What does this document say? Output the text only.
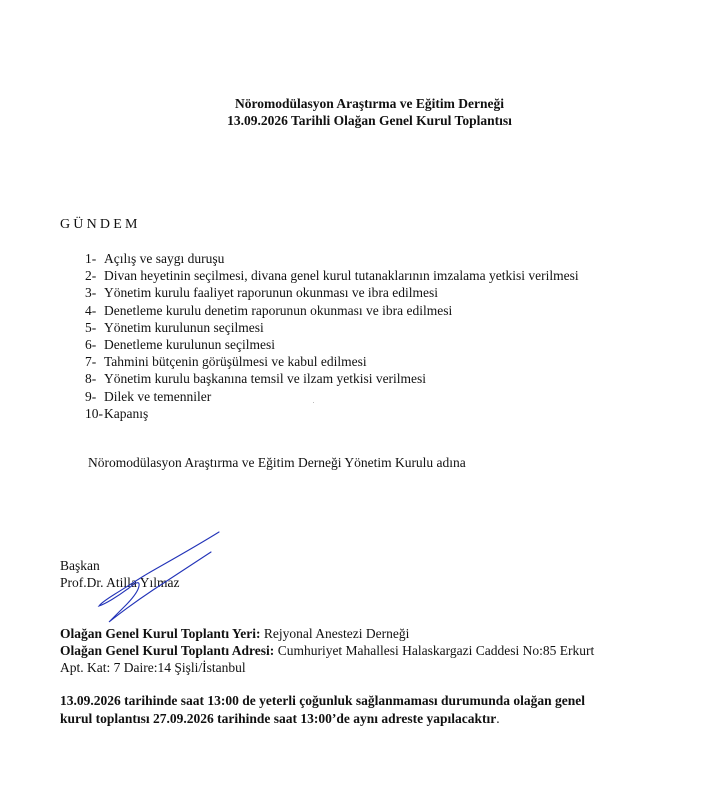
Nöromodülasyon Araştırma ve Eğitim Derneği
13.09.2026 Tarihli Olağan Genel Kurul Toplantısı
GÜNDEM
1- Açılış ve saygı duruşu
2- Divan heyetinin seçilmesi, divana genel kurul tutanaklarının imzalama yetkisi verilmesi
3- Yönetim kurulu faaliyet raporunun okunması ve ibra edilmesi
4- Denetleme kurulu denetim raporunun okunması ve ibra edilmesi
5- Yönetim kurulunun seçilmesi
6- Denetleme kurulunun seçilmesi
7- Tahmini bütçenin görüşülmesi ve kabul edilmesi
8- Yönetim kurulu başkanına temsil ve ilzam yetkisi verilmesi
9- Dilek ve temenniler
10-Kapanış
Nöromodülasyon Araştırma ve Eğitim Derneği Yönetim Kurulu adına
Başkan
Prof.Dr. Atilla Yılmaz
Olağan Genel Kurul Toplantı Yeri: Rejyonal Anestezi Derneği
Olağan Genel Kurul Toplantı Adresi: Cumhuriyet Mahallesi Halaskargazi Caddesi No:85 Erkurt
Apt. Kat: 7 Daire:14 Şişli/İstanbul
13.09.2026 tarihinde saat 13:00 de yeterli çoğunluk sağlanmaması durumunda olağan genel
kurul toplantısı 27.09.2026 tarihinde saat 13:00’de aynı adreste yapılacaktır.
